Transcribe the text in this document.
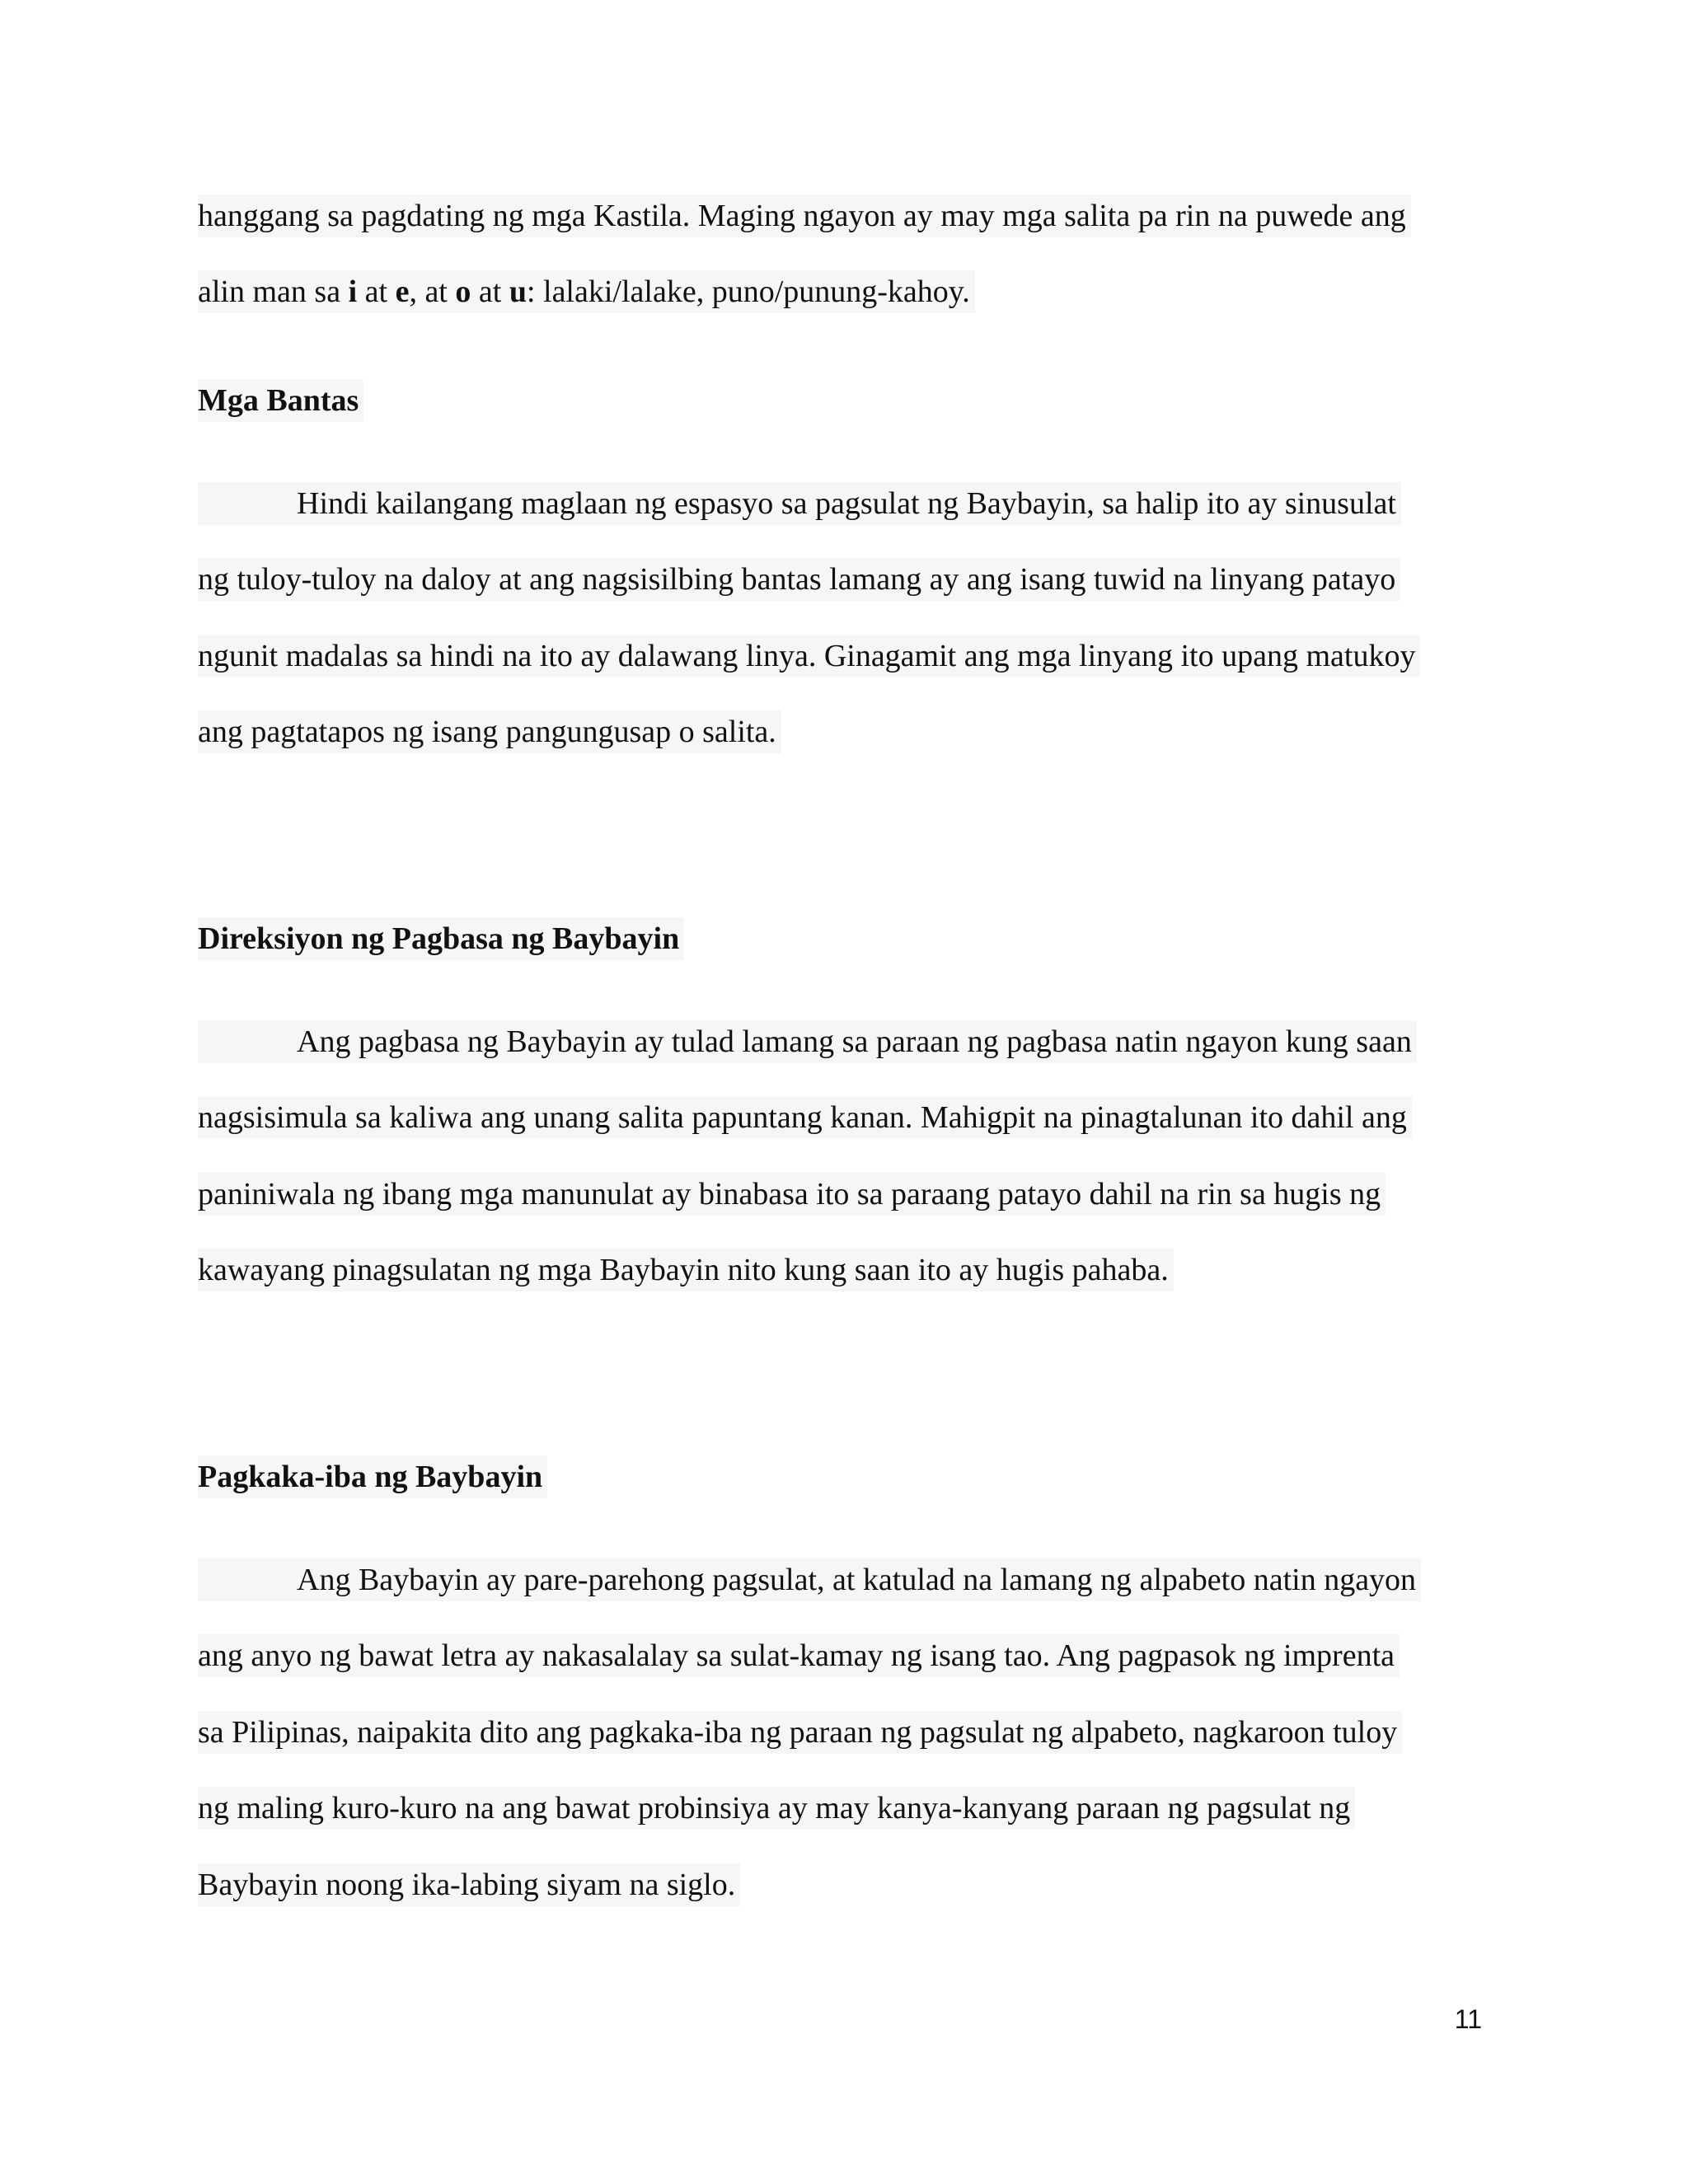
hanggang sa pagdating ng mga Kastila. Maging ngayon ay may mga salita pa rin na puwede ang
alin man sa i at e, at o at u: lalaki/lalake, puno/punung-kahoy.
Mga Bantas
Hindi kailangang maglaan ng espasyo sa pagsulat ng Baybayin, sa halip ito ay sinusulat
ng tuloy-tuloy na daloy at ang nagsisilbing bantas lamang ay ang isang tuwid na linyang patayo
ngunit madalas sa hindi na ito ay dalawang linya. Ginagamit ang mga linyang ito upang matukoy
ang pagtatapos ng isang pangungusap o salita.
Direksiyon ng Pagbasa ng Baybayin
Ang pagbasa ng Baybayin ay tulad lamang sa paraan ng pagbasa natin ngayon kung saan
nagsisimula sa kaliwa ang unang salita papuntang kanan. Mahigpit na pinagtalunan ito dahil ang
paniniwala ng ibang mga manunulat ay binabasa ito sa paraang patayo dahil na rin sa hugis ng
kawayang pinagsulatan ng mga Baybayin nito kung saan ito ay hugis pahaba.
Pagkaka-iba ng Baybayin
Ang Baybayin ay pare-parehong pagsulat, at katulad na lamang ng alpabeto natin ngayon
ang anyo ng bawat letra ay nakasalalay sa sulat-kamay ng isang tao. Ang pagpasok ng imprenta
sa Pilipinas, naipakita dito ang pagkaka-iba ng paraan ng pagsulat ng alpabeto, nagkaroon tuloy
ng maling kuro-kuro na ang bawat probinsiya ay may kanya-kanyang paraan ng pagsulat ng
Baybayin noong ika-labing siyam na siglo.
11
